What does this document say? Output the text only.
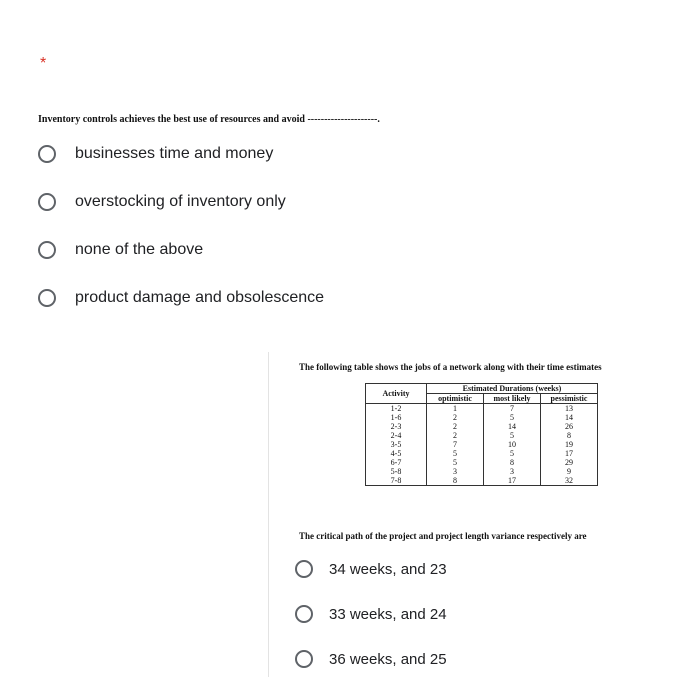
*
Inventory controls achieves the best use of resources and avoid ---------------------.
businesses time and money
overstocking of inventory only
none of the above
product damage and obsolescence
The following table shows the jobs of a network along with their time estimates
Activity	Estimated Durations (weeks)		
	optimistic	most likely	pessimistic
1-2	1	7	13
1-6	2	5	14
2-3	2	14	26
2-4	2	5	8
3-5	7	10	19
4-5	5	5	17
6-7	5	8	29
5-8	3	3	9
7-8	8	17	32
The critical path of the project and project length variance respectively are
34 weeks, and 23
33 weeks, and 24
36 weeks, and 25
